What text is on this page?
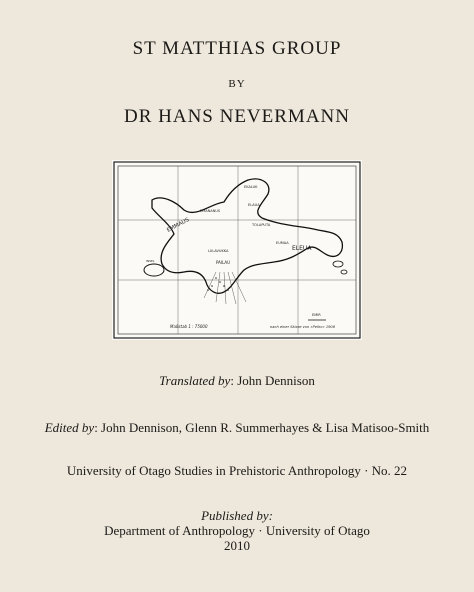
ST MATTHIAS GROUP
BY
DR HANS NEVERMANN
EMMAUS
ELEUA
EMANANUS
EKALUK
ELAUA
TOLAPUTA
EUMAA
LULAVUKKA
PAILAU
INSEL
EMIR
Maßstab 1 : 75000	nach einer Skizze von »Peiho« 1908
Translated by: John Dennison
Edited by: John Dennison, Glenn R. Summerhayes & Lisa Matisoo-Smith
University of Otago Studies in Prehistoric Anthropology · No. 22
Published by:
Department of Anthropology · University of Otago
2010
